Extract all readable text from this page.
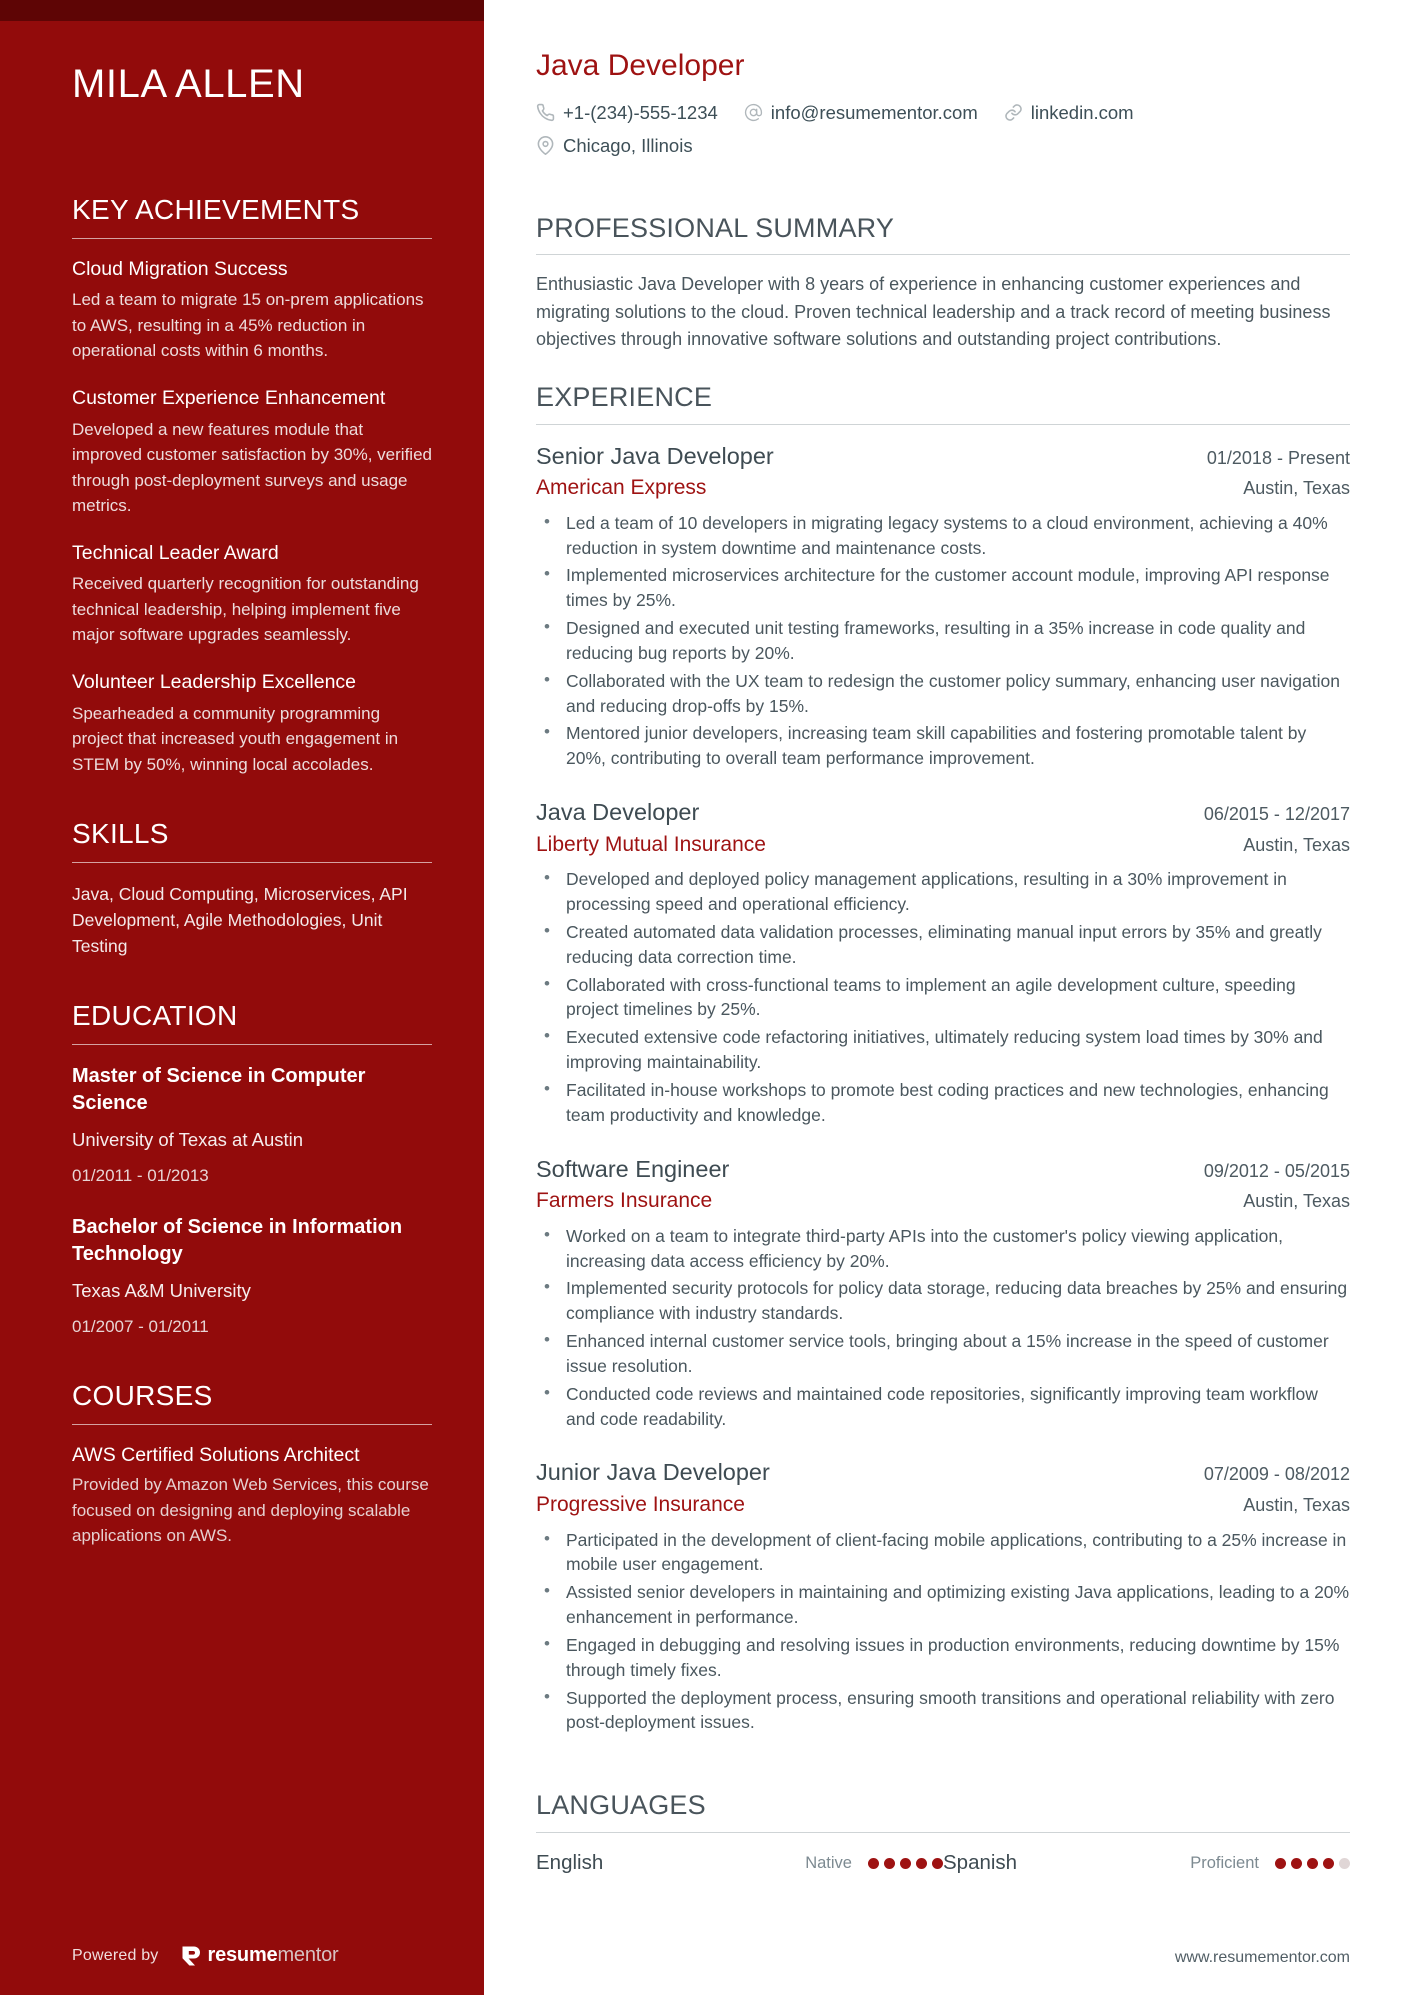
MILA ALLEN
KEY ACHIEVEMENTS
Cloud Migration Success
Led a team to migrate 15 on-prem applications to AWS, resulting in a 45% reduction in operational costs within 6 months.
Customer Experience Enhancement
Developed a new features module that improved customer satisfaction by 30%, verified through post-deployment surveys and usage metrics.
Technical Leader Award
Received quarterly recognition for outstanding technical leadership, helping implement five major software upgrades seamlessly.
Volunteer Leadership Excellence
Spearheaded a community programming project that increased youth engagement in STEM by 50%, winning local accolades.
SKILLS
Java, Cloud Computing, Microservices, API Development, Agile Methodologies, Unit Testing
EDUCATION
Master of Science in Computer Science
University of Texas at Austin
01/2011 - 01/2013
Bachelor of Science in Information Technology
Texas A&M University
01/2007 - 01/2011
COURSES
AWS Certified Solutions Architect
Provided by Amazon Web Services, this course focused on designing and deploying scalable applications on AWS.
Powered by resumementor
Java Developer
+1-(234)-555-1234	info@resumementor.com	linkedin.com
Chicago, Illinois
PROFESSIONAL SUMMARY

Enthusiastic Java Developer with 8 years of experience in enhancing customer experiences and migrating solutions to the cloud. Proven technical leadership and a track record of meeting business objectives through innovative software solutions and outstanding project contributions.

EXPERIENCE
Senior Java Developer	01/2018 - Present
American Express	Austin, Texas
• Led a team of 10 developers in migrating legacy systems to a cloud environment, achieving a 40% reduction in system downtime and maintenance costs.
• Implemented microservices architecture for the customer account module, improving API response times by 25%.
• Designed and executed unit testing frameworks, resulting in a 35% increase in code quality and reducing bug reports by 20%.
• Collaborated with the UX team to redesign the customer policy summary, enhancing user navigation and reducing drop-offs by 15%.
• Mentored junior developers, increasing team skill capabilities and fostering promotable talent by 20%, contributing to overall team performance improvement.
Java Developer	06/2015 - 12/2017
Liberty Mutual Insurance	Austin, Texas
• Developed and deployed policy management applications, resulting in a 30% improvement in processing speed and operational efficiency.
• Created automated data validation processes, eliminating manual input errors by 35% and greatly reducing data correction time.
• Collaborated with cross-functional teams to implement an agile development culture, speeding project timelines by 25%.
• Executed extensive code refactoring initiatives, ultimately reducing system load times by 30% and improving maintainability.
• Facilitated in-house workshops to promote best coding practices and new technologies, enhancing team productivity and knowledge.
Software Engineer	09/2012 - 05/2015
Farmers Insurance	Austin, Texas
• Worked on a team to integrate third-party APIs into the customer's policy viewing application, increasing data access efficiency by 20%.
• Implemented security protocols for policy data storage, reducing data breaches by 25% and ensuring compliance with industry standards.
• Enhanced internal customer service tools, bringing about a 15% increase in the speed of customer issue resolution.
• Conducted code reviews and maintained code repositories, significantly improving team workflow and code readability.
Junior Java Developer	07/2009 - 08/2012
Progressive Insurance	Austin, Texas
• Participated in the development of client-facing mobile applications, contributing to a 25% increase in mobile user engagement.
• Assisted senior developers in maintaining and optimizing existing Java applications, leading to a 20% enhancement in performance.
• Engaged in debugging and resolving issues in production environments, reducing downtime by 15% through timely fixes.
• Supported the deployment process, ensuring smooth transitions and operational reliability with zero post-deployment issues.
LANGUAGES
English	Native	Spanish	Proficient
www.resumementor.com
